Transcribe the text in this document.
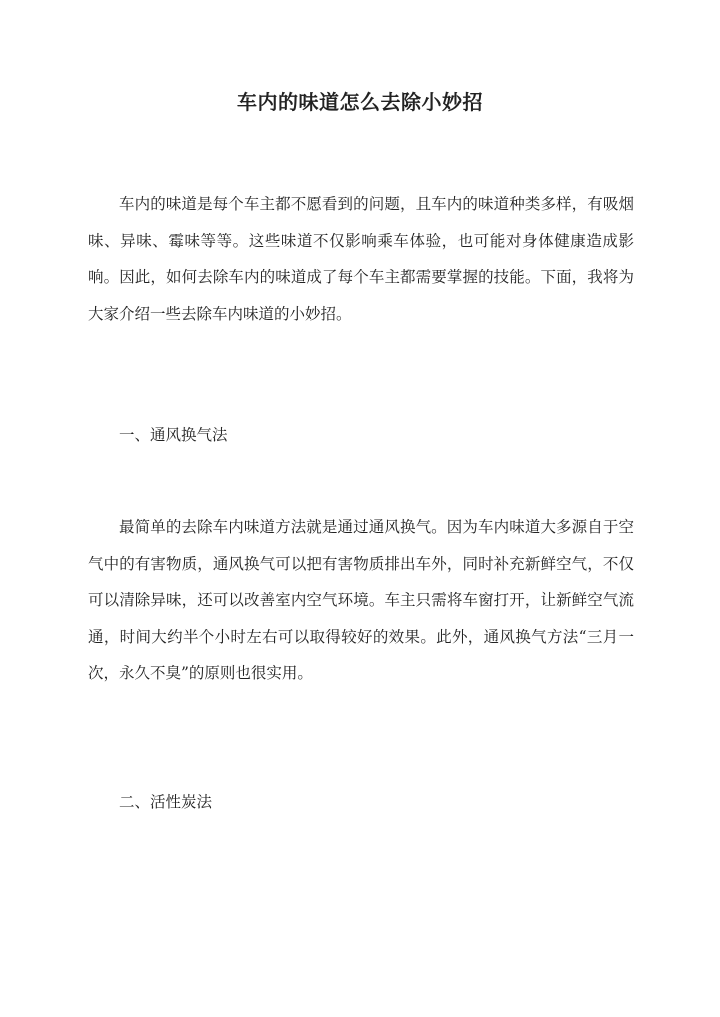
车内的味道怎么去除小妙招

车内的味道是每个车主都不愿看到的问题，且车内的味道种类多样，有吸烟味、异味、霉味等等。这些味道不仅影响乘车体验，也可能对身体健康造成影响。因此，如何去除车内的味道成了每个车主都需要掌握的技能。下面，我将为大家介绍一些去除车内味道的小妙招。

一、通风换气法

最简单的去除车内味道方法就是通过通风换气。因为车内味道大多源自于空气中的有害物质，通风换气可以把有害物质排出车外，同时补充新鲜空气，不仅可以清除异味，还可以改善室内空气环境。车主只需将车窗打开，让新鲜空气流通，时间大约半个小时左右可以取得较好的效果。此外，通风换气方法“三月一次，永久不臭”的原则也很实用。

二、活性炭法
